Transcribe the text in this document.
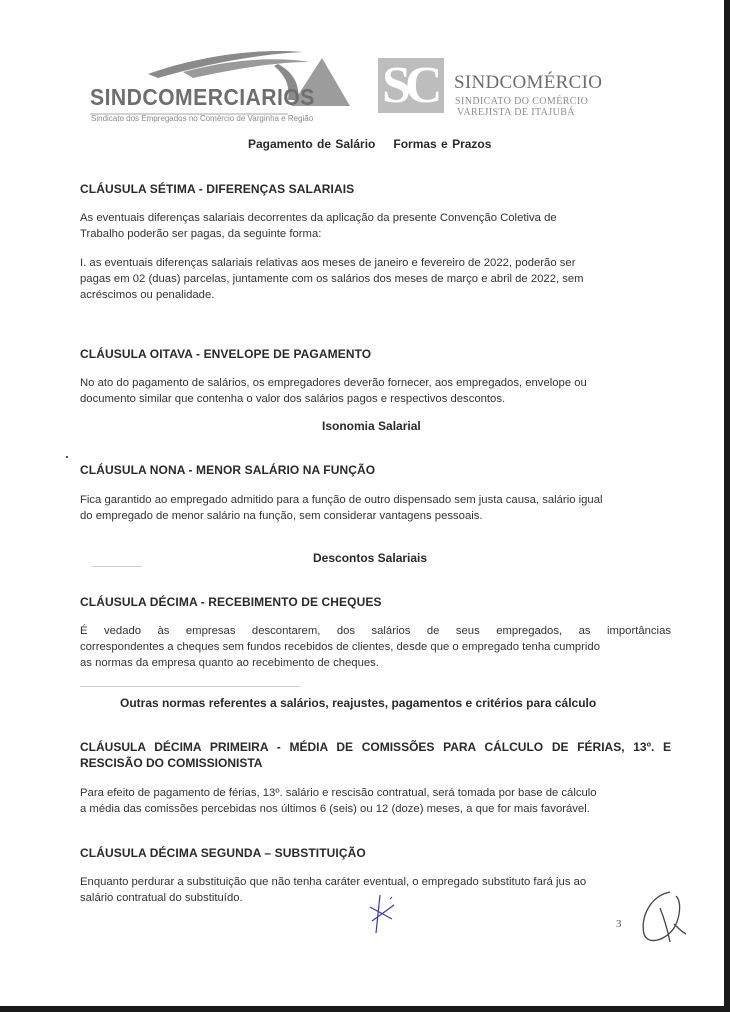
SINDCOMERCIARIOS
Sindicato dos Empregados no Comércio de Varginha e Região
SC SINDCOMÉRCIO
SINDICATO DO COMÉRCIO
VAREJISTA DE ITAJUBÁ
Pagamento de Salário Formas e Prazos
CLÁUSULA SÉTIMA - DIFERENÇAS SALARIAIS
As eventuais diferenças salariais decorrentes da aplicação da presente Convenção Coletiva de
Trabalho poderão ser pagas, da seguinte forma:
I. as eventuais diferenças salariais relativas aos meses de janeiro e fevereiro de 2022, poderão ser
pagas em 02 (duas) parcelas, juntamente com os salários dos meses de março e abril de 2022, sem
acréscimos ou penalidade.
CLÁUSULA OITAVA - ENVELOPE DE PAGAMENTO
No ato do pagamento de salários, os empregadores deverão fornecer, aos empregados, envelope ou
documento similar que contenha o valor dos salários pagos e respectivos descontos.
Isonomia Salarial
CLÁUSULA NONA - MENOR SALÁRIO NA FUNÇÃO
Fica garantido ao empregado admitido para a função de outro dispensado sem justa causa, salário igual
do empregado de menor salário na função, sem considerar vantagens pessoais.
Descontos Salariais
CLÁUSULA DÉCIMA - RECEBIMENTO DE CHEQUES
É vedado às empresas descontarem, dos salários de seus empregados, as importâncias
correspondentes a cheques sem fundos recebidos de clientes, desde que o empregado tenha cumprido
as normas da empresa quanto ao recebimento de cheques.
Outras normas referentes a salários, reajustes, pagamentos e critérios para cálculo
CLÁUSULA DÉCIMA PRIMEIRA - MÉDIA DE COMISSÕES PARA CÁLCULO DE FÉRIAS, 13º. E
RESCISÃO DO COMISSIONISTA
Para efeito de pagamento de férias, 13º. salário e rescisão contratual, será tomada por base de cálculo
a média das comissões percebidas nos últimos 6 (seis) ou 12 (doze) meses, a que for mais favorável.
CLÁUSULA DÉCIMA SEGUNDA – SUBSTITUIÇÃO
Enquanto perdurar a substituição que não tenha caráter eventual, o empregado substituto fará jus ao
salário contratual do substituído.
3
